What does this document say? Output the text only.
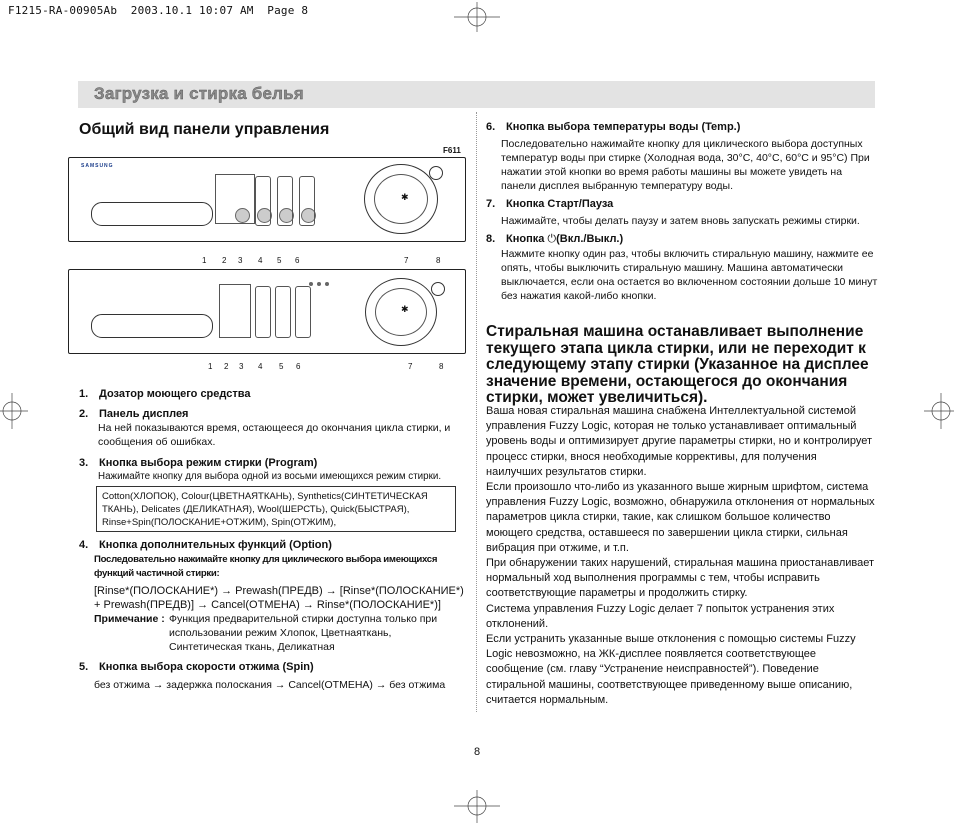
F1215-RA-00905Ab  2003.10.1 10:07 AM  Page 8
Загрузка и стирка белья
Общий вид панели управления
F611
SAMSUNG
✱
1 2 3 4 5 6	7	8
✱
1 2 3 4 5 6	7	8
1. Дозатор моющего средства
2. Панель дисплея
На ней показываются время, остающееся до окончания цикла стирки, и сообщения об ошибках.
3. Кнопка выбора режим стирки (Program)
Нажимайте кнопку для выбора одной из восьми имеющихся режим стирки.
Cotton(ХЛОПОК), Colour(ЦВЕТНАЯТКАНЬ), Synthetics(СИНТЕТИЧЕСКАЯ ТКАНЬ), Delicates (ДЕЛИКАТНАЯ), Wool(ШЕРСТЬ), Quick(БЫСТРАЯ), Rinse+Spin(ПОЛОСКАНИЕ+ОТЖИМ), Spin(ОТЖИМ),
4. Кнопка дополнительных функций (Option)
Последовательно нажимайте кнопку для циклического выбора имеющихся функций частичной стирки:
[Rinse*(ПОЛОСКАНИЕ*) → Prewash(ПРЕДВ) → [Rinse*(ПОЛОСКАНИЕ*) + Prewash(ПРЕДВ)] → Cancel(ОТМЕНА) → Rinse*(ПОЛОСКАНИЕ*)]
Примечание : Функция предварительной стирки доступна только при использовании режим Хлопок, Цветнаяткань, Синтетическая ткань, Деликатная
5. Кнопка выбора скорости отжима (Spin)
без отжима → задержка полоскания → Cancel(ОТМЕНА) → без отжима
6. Кнопка выбора температуры воды (Temp.)
Последовательно нажимайте кнопку для циклического выбора доступных температур воды при стирке (Холодная вода, 30°C, 40°C, 60°C и 95°C) При нажатии этой кнопки во время работы машины вы можете увидеть на панели дисплея выбранную температуру воды.
7. Кнопка Старт/Пауза
Нажимайте, чтобы делать паузу и затем вновь запускать режимы стирки.
8. Кнопка ⏻(Вкл./Выкл.)
Нажмите кнопку один раз, чтобы включить стиральную машину, нажмите ее опять, чтобы выключить стиральную машину. Машина автоматически выключается, если она остается во включенном состоянии дольше 10 минут без нажатия какой-либо кнопки.
Стиральная машина останавливает выполнение текущего этапа цикла стирки, или не переходит к следующему этапу стирки (Указанное на дисплее значение времени, остающегося до окончания стирки, может увеличиться).
Ваша новая стиральная машина снабжена Интеллектуальной системой управления Fuzzy Logic, которая не только устанавливает оптимальный уровень воды и оптимизирует другие параметры стирки, но и контролирует процесс стирки, внося необходимые коррективы, для получения наилучших результатов стирки.
Если произошло что-либо из указанного выше жирным шрифтом, система управления Fuzzy Logic, возможно, обнаружила отклонения от нормальных параметров цикла стирки, такие, как слишком большое количество моющего средства, оставшееся по завершении цикла стирки, сильная вибрация при отжиме, и т.п.
При обнаружении таких нарушений, стиральная машина приостанавливает нормальный ход выполнения программы с тем, чтобы исправить соответствующие параметры и продолжить стирку.
Система управления Fuzzy Logic делает 7 попыток устранения этих отклонений.
Если устранить указанные выше отклонения с помощью системы Fuzzy Logic невозможно, на ЖК-дисплее появляется соответствующее сообщение (см. главу “Устранение неисправностей”). Поведение стиральной машины, соответствующее приведенному выше описанию, считается нормальным.
8
